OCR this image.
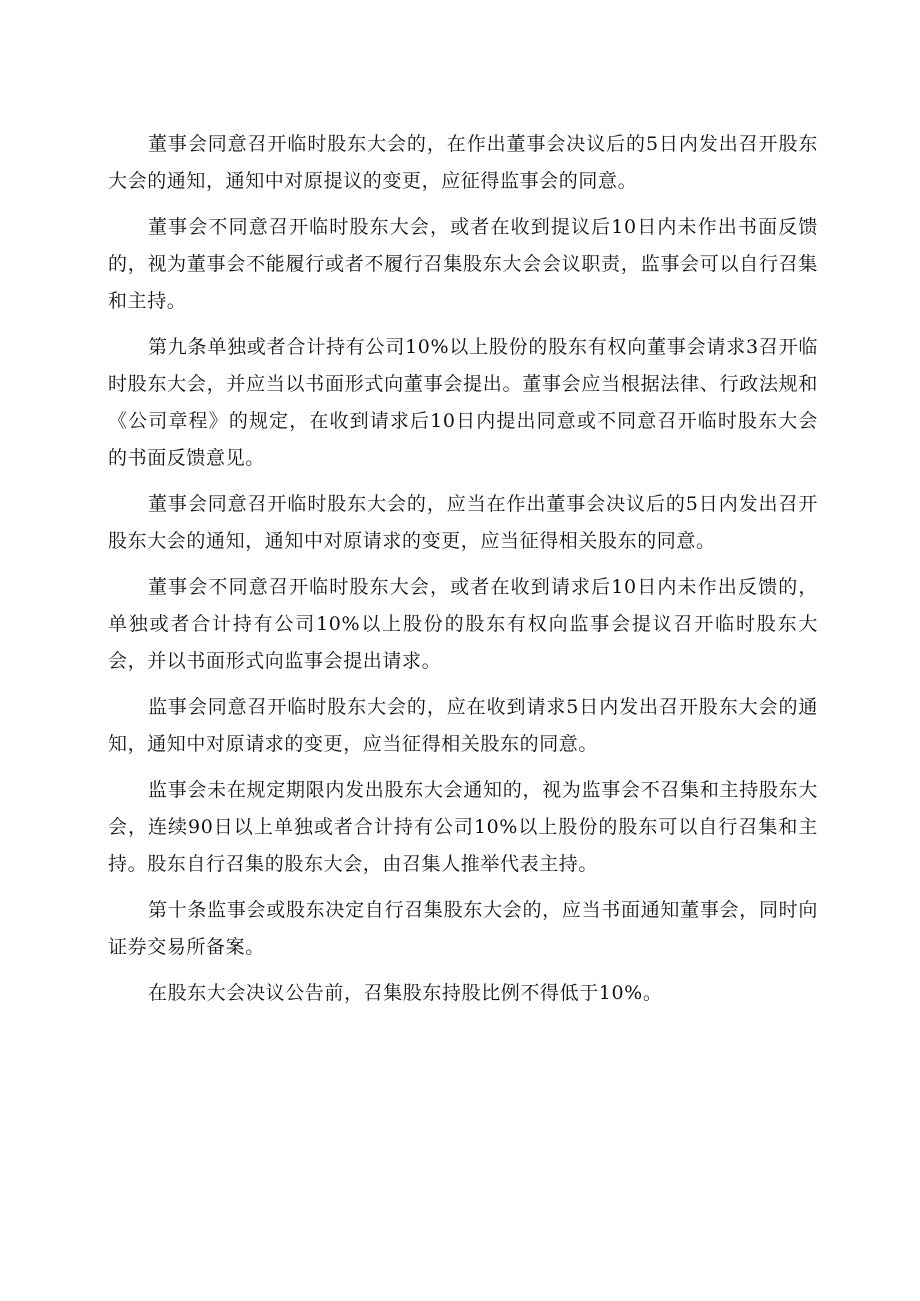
董事会同意召开临时股东大会的，在作出董事会决议后的5日内发出召开股东大会的通知，通知中对原提议的变更，应征得监事会的同意。

董事会不同意召开临时股东大会，或者在收到提议后10日内未作出书面反馈的，视为董事会不能履行或者不履行召集股东大会会议职责，监事会可以自行召集和主持。

第九条单独或者合计持有公司10%以上股份的股东有权向董事会请求3召开临时股东大会，并应当以书面形式向董事会提出。董事会应当根据法律、行政法规和《公司章程》的规定，在收到请求后10日内提出同意或不同意召开临时股东大会的书面反馈意见。

董事会同意召开临时股东大会的，应当在作出董事会决议后的5日内发出召开股东大会的通知，通知中对原请求的变更，应当征得相关股东的同意。

董事会不同意召开临时股东大会，或者在收到请求后10日内未作出反馈的，单独或者合计持有公司10%以上股份的股东有权向监事会提议召开临时股东大会，并以书面形式向监事会提出请求。

监事会同意召开临时股东大会的，应在收到请求5日内发出召开股东大会的通知，通知中对原请求的变更，应当征得相关股东的同意。

监事会未在规定期限内发出股东大会通知的，视为监事会不召集和主持股东大会，连续90日以上单独或者合计持有公司10%以上股份的股东可以自行召集和主持。股东自行召集的股东大会，由召集人推举代表主持。

第十条监事会或股东决定自行召集股东大会的，应当书面通知董事会，同时向证券交易所备案。

在股东大会决议公告前，召集股东持股比例不得低于10%。
